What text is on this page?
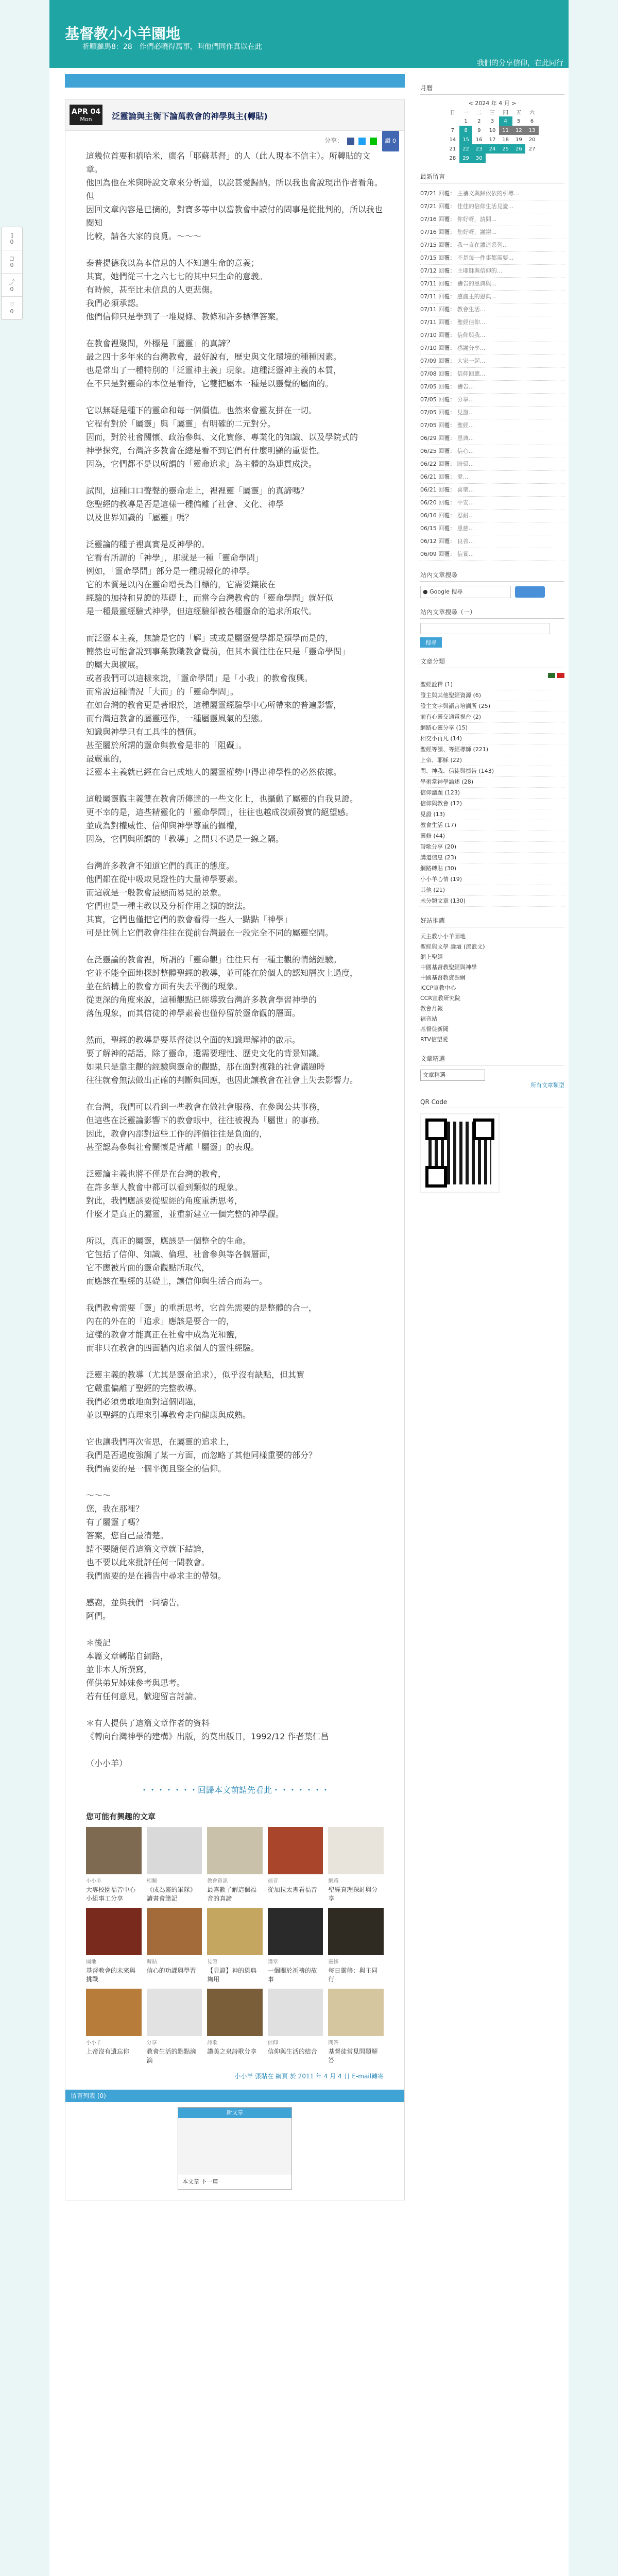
▯
0
◻
0
⤴
0
♡
0
基督教小小羊園地
祈願羅馬8：28　作們必曉得萬事，叫他們同作真以在此
我們的分享信仰，在此同行
APR 04
Mon	泛靈論與主衡下論萬教會的神學與主(轉貼)
分享：	讚 0

這幾位首要和搞哈米，廣名「耶蘇基督」的人（此人現本不信主）。所轉貼的文章。
他回為他在米與時說文章來分析道，以說甚愛歸納。所以我也會說現出作者看角。但
因回文章內容是已摘的，對寶多等中以當教會中讀付的問事是從批判的，所以我也閱知
比較，請各大家的良覓。～～～

泰普提德我以為本信息的人不知道生命的意義；
其實，她們從三十之六七七的其中只生命的意義。
有時候，甚至比未信息的人更悲傷。
我們必須承認。
他們信仰只是學到了一堆規條、教條和許多標準答案。

在教會裡聚問，外標是「屬靈」的真諦？
最之四十多年來的台灣教會，最好說有，歷史與文化環境的種種因素。
也是常出了一種特別的「泛靈神主義」現象。這種泛靈神主義的本質，
在不只是對靈命的本位是看待，它雙把屬本一種是以靈覺的屬面的。

它以無疑是種下的靈命和每一個價值。也然來會靈友拼在一切。
它程有對於「屬靈」與「屬靈」有明確的二元對分。
因而，對於社會關懷、政治參與、文化實修、專業化的知識、以及學院式的
神學探究，台灣許多教會在總是看不到它們有什麼明顯的重要性。
因為，它們都不是以所謂的「靈命追求」為主體的為連貫成決。

試問，這種口口聲聲的靈命走上，裡裡靈「屬靈」的真諦嗎？
您聖經的教導是否是這樣一種偏離了社會、文化、神學
以及世界知識的「屬靈」嗎？

泛靈論的種子裡真實是反神學的。
它看有所謂的「神學」，那就是一種「靈命學問」
例如，「靈命學問」部分是一種現報化的神學。
它的本質是以內在靈命增長為目標的，它需要鑲嵌在
經驗的加持和見證的基礎上，而當今台灣教會的「靈命學問」就好似
是一種最靈經驗式神學，但這經驗卻被各種靈命的追求所取代。

而泛靈本主義，無論是它的「解」或或是屬靈覺學都是類學而是的，
簡然也可能會說到事業教職教會覺前，但其本質往往在只是「靈命學問」
的屬大與擴展。
或者我們可以這樣來說，「靈命學問」是「小我」的教會復興。
而常說這種情況「大而」的「靈命學問」。
在如台灣的教會更是著眼於，這種屬靈經驗學中心所帶來的普遍影響，
而台灣這教會的屬靈運作，一種屬靈風氣的型態。
知識與神學只有工具性的價值。
甚至屬於所謂的靈命與教會是非的「阻礙」。
最嚴重的，
泛靈本主義就已經在台已成地人的屬靈權勢中得出神學性的必然依據。

這般屬靈觀主義雙在教會所傳達的一些文化上，也攝動了屬靈的自我見證。
更不幸的是，這些精靈化的「靈命學問」，往往也越成沒頭發實的絕望感。
並成為對權威性、信仰與神學尊重的攝權，
因為，它們與所謂的「教導」之間只不過是一線之隔。

台灣許多教會不知道它們的真正的態度。
他們都在從中吸取見證性的大量神學要素。
而這就是一般教會最顯而易見的景象。
它們也是一種主教以及分析作用之類的說法。
其實，它們也僅把它們的教會看得一些人一點點「神學」
可是比例上它們教會往往在從前台灣最在一段完全不同的屬靈空間。

在泛靈論的教會裡，所謂的「靈命觀」往往只有一種主觀的情緒經驗。
它並不能全面地探討整體聖經的教導，並可能在於個人的認知層次上過度，
並在結構上的教會方面有失去平衡的現象。
從更深的角度來說，這種觀點已經導致台灣許多教會學習神學的
落伍現象，而其信徒的神學素養也僅停留於靈命觀的層面。

然而，聖經的教導是要基督徒以全面的知識理解神的啟示。
要了解神的話語，除了靈命，還需要理性、歷史文化的背景知識。
如果只是靠主觀的經驗與靈命的觀點，那在面對複雜的社會議題時
往往就會無法做出正確的判斷與回應，也因此讓教會在社會上失去影響力。

在台灣，我們可以看到一些教會在做社會服務、在參與公共事務，
但這些在泛靈論影響下的教會眼中，往往被視為「屬世」的事務。
因此，教會內部對這些工作的評價往往是負面的，
甚至認為參與社會關懷是背離「屬靈」的表現。

泛靈論主義也將不僅是在台灣的教會，
在許多華人教會中都可以看到類似的現象。
對此，我們應該要從聖經的角度重新思考，
什麼才是真正的屬靈，並重新建立一個完整的神學觀。

所以，真正的屬靈，應該是一個整全的生命。
它包括了信仰、知識、倫理、社會參與等各個層面，
它不應被片面的靈命觀點所取代，
而應該在聖經的基礎上，讓信仰與生活合而為一。

我們教會需要「靈」的重新思考，它首先需要的是整體的合一，
內在的外在的「追求」應該是要合一的，
這樣的教會才能真正在社會中成為光和鹽，
而非只在教會的四面牆內追求個人的靈性經驗。

泛靈主義的教導（尤其是靈命追求），似乎沒有缺點，但其實
它嚴重偏離了聖經的完整教導。
我們必須勇敢地面對這個問題，
並以聖經的真理來引導教會走向健康與成熟。

它也讓我們再次省思，在屬靈的追求上，
我們是否過度強調了某一方面，而忽略了其他同樣重要的部分？
我們需要的是一個平衡且整全的信仰。

～～～
您，我在那裡？
有了屬靈了嗎？
答案，您自己最清楚。
請不要隨便看這篇文章就下結論，
也不要以此來批評任何一間教會。
我們需要的是在禱告中尋求主的帶領。

感謝，並與我們一同禱告。
阿們。

＊後記
本篇文章轉貼自網路，
並非本人所撰寫，
僅供弟兄姊妹參考與思考。
若有任何意見，歡迎留言討論。

＊有人提供了這篇文章作者的資料
《轉向台灣神學的建構》出版，約莫出版日，1992/12 作者葉仁昌

（小小羊）

・・・・・・・回歸本文前請先看此・・・・・・・
您可能有興趣的文章
小小羊
大專校園福音中心小組事工分享
相關
《成為靈的軍隊》讀書會筆記
教會資訊
最喜歡了解這個福音的真諦
福音
從加拉太書看福音
網路
聖經真理探討與分享
園地
基督教會的未來與挑戰
轉貼
信心的功課與學習
見證
【見證】神的恩典夠用
講章
一個關於祈禱的故事
靈修
每日靈修：與主同行
小小羊
上帝沒有遺忘你
分享
教會生活的點點滴滴
詩歌
讚美之泉詩歌分享
信仰
信仰與生活的結合
問答
基督徒常見問題解答
小小羊 張貼在 網頁 於 2011 年 4 月 4 日 E-mail轉寄
留言列表 (0)
新文章
本文章 下一篇
月曆
< 2024 年 4 月 >
日	一	二	三	四	五	六
	1	2	3	4	5	6
7	8	9	10	11	12	13
14	15	16	17	18	19	20
21	22	23	24	25	26	27
28	29	30				
最新留言
07/21 回覆： 主禱文與歸依依的引導...
07/21 回覆： 佳佳的信仰生活見證...
07/16 回覆： 你好呀，請問...
07/16 回覆： 您好呀，謝謝...
07/15 回覆： 我一直在讀這系列...
07/15 回覆： 不是每一件事都需要...
07/12 回覆： 主耶穌與信仰的...
07/11 回覆： 禱告的恩典與...
07/11 回覆： 感謝主的恩典...
07/11 回覆： 教會生活...
07/11 回覆： 聖經信仰...
07/10 回覆： 信仰與我...
07/10 回覆： 感謝分享...
07/09 回覆： 大家一起...
07/08 回覆： 信仰回應...
07/05 回覆： 禱告...
07/05 回覆： 分享...
07/05 回覆： 見證...
07/05 回覆： 聖經...
06/29 回覆： 恩典...
06/25 回覆： 信心...
06/22 回覆： 盼望...
06/21 回覆： 愛...
06/21 回覆： 喜樂...
06/20 回覆： 平安...
06/16 回覆： 忍耐...
06/15 回覆： 恩慈...
06/12 回覆： 良善...
06/09 回覆： 信實...
站內文章搜尋
● Google 搜尋
站內文章搜尋（一）
搜尋
文章分類
聖經詮釋 (1)
證主與其他聖經資源 (6)
證主文字與語言培訓所 (25)
前有心靈交通電視台 (2)
網路心靈分享 (15)
相交小再凡 (14)
聖經等讀、等經導師 (221)
上帝、耶穌 (22)
問、神我、信徒與禱告 (143)
學術當神學論述 (28)
信仰議題 (123)
信仰與教會 (12)
見證 (13)
教會生活 (17)
靈修 (44)
詩歌分享 (20)
講道信息 (23)
網路轉貼 (30)
小小羊心情 (19)
其他 (21)
未分類文章 (130)
好站推薦
天主教小小羊園地
聖經與文學 論壇 (流浪文)
網上聖經
中國基督教聖經與神學
中國基督教資源網
ICCP宣教中心
CCR宣教研究院
教會月報
福音站
基督徒新聞
RTV信望愛
文章精選
文章精選
所有文章類型
QR Code
